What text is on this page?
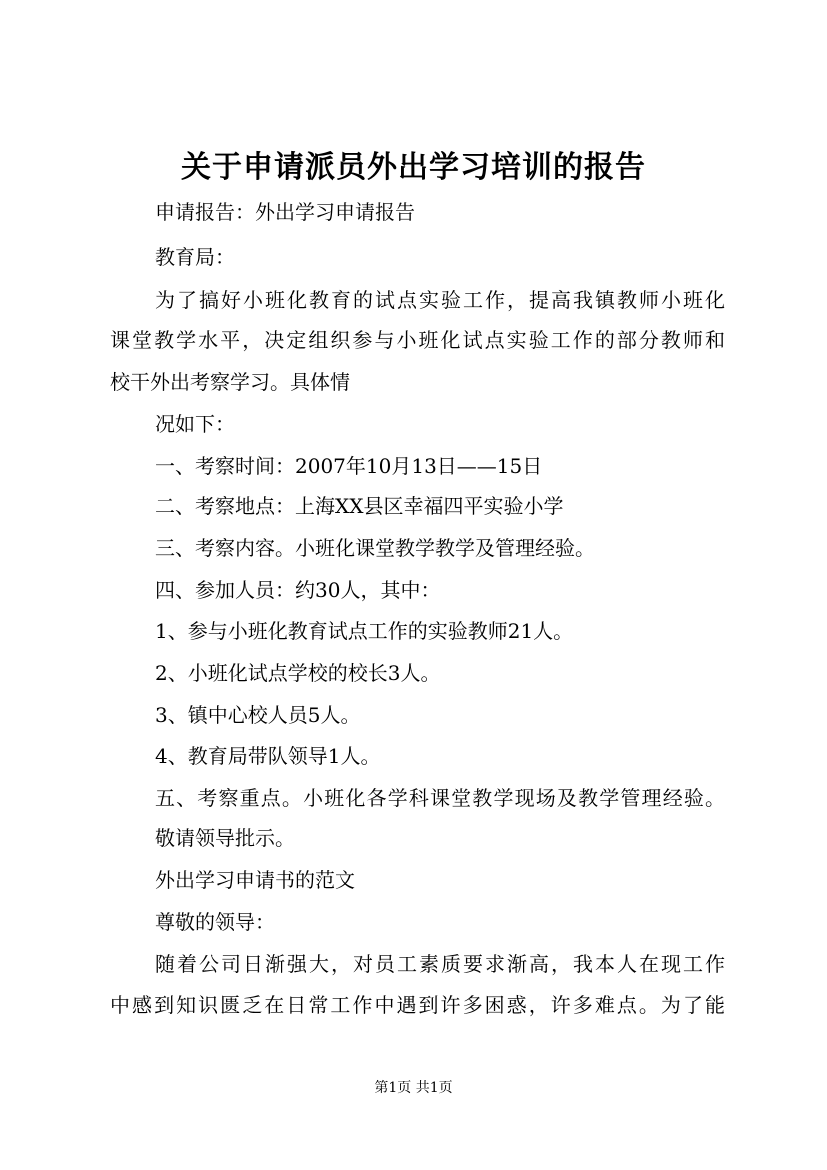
关于申请派员外出学习培训的报告
申请报告：外出学习申请报告
教育局：
为了搞好小班化教育的试点实验工作，提高我镇教师小班化
课堂教学水平，决定组织参与小班化试点实验工作的部分教师和
校干外出考察学习。具体情
况如下：
一、考察时间：2007年10月13日——15日
二、考察地点：上海XX县区幸福四平实验小学
三、考察内容。小班化课堂教学教学及管理经验。
四、参加人员：约30人，其中：
1、参与小班化教育试点工作的实验教师21人。
2、小班化试点学校的校长3人。
3、镇中心校人员5人。
4、教育局带队领导1人。
五、考察重点。小班化各学科课堂教学现场及教学管理经验。
敬请领导批示。
外出学习申请书的范文
尊敬的领导：
随着公司日渐强大，对员工素质要求渐高，我本人在现工作
中感到知识匮乏在日常工作中遇到许多困惑，许多难点。为了能
第1页 共1页
